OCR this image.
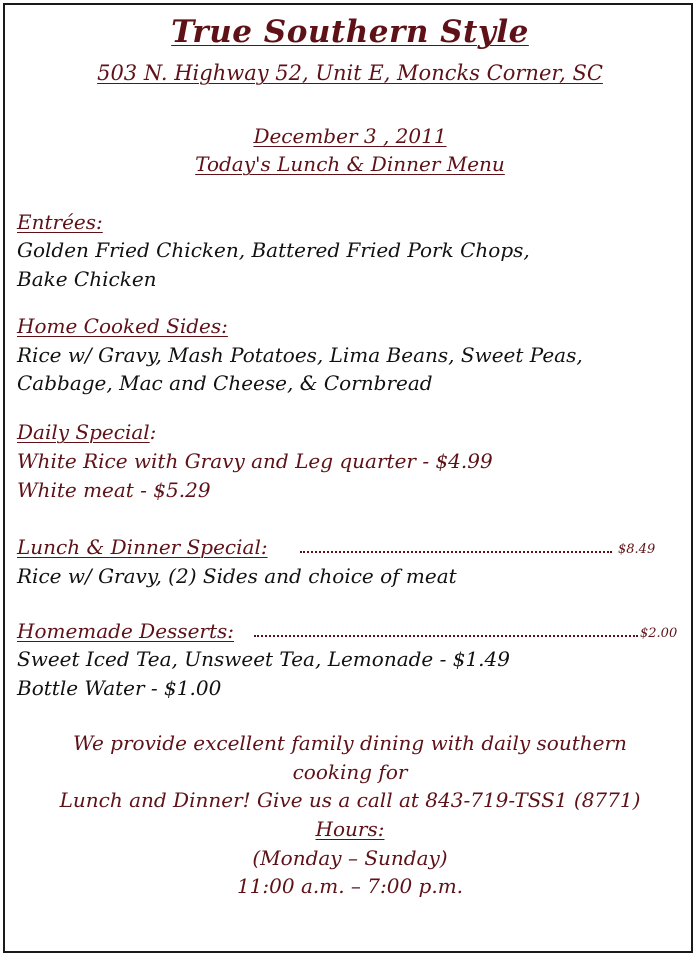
True Southern Style
503 N. Highway 52, Unit E, Moncks Corner, SC
December 3 , 2011
Today's Lunch & Dinner Menu
Entrées:
Golden Fried Chicken, Battered Fried Pork Chops,
Bake Chicken
Home Cooked Sides:
Rice w/ Gravy, Mash Potatoes, Lima Beans, Sweet Peas,
Cabbage, Mac and Cheese, & Cornbread
Daily Special:
White Rice with Gravy and Leg quarter - $4.99
White meat - $5.29
Lunch & Dinner Special:	$8.49
Rice w/ Gravy, (2) Sides and choice of meat
Homemade Desserts:	$2.00
Sweet Iced Tea, Unsweet Tea, Lemonade - $1.49
Bottle Water - $1.00
We provide excellent family dining with daily southern
cooking for
Lunch and Dinner! Give us a call at 843-719-TSS1 (8771)
Hours:
(Monday – Sunday)
11:00 a.m. – 7:00 p.m.
